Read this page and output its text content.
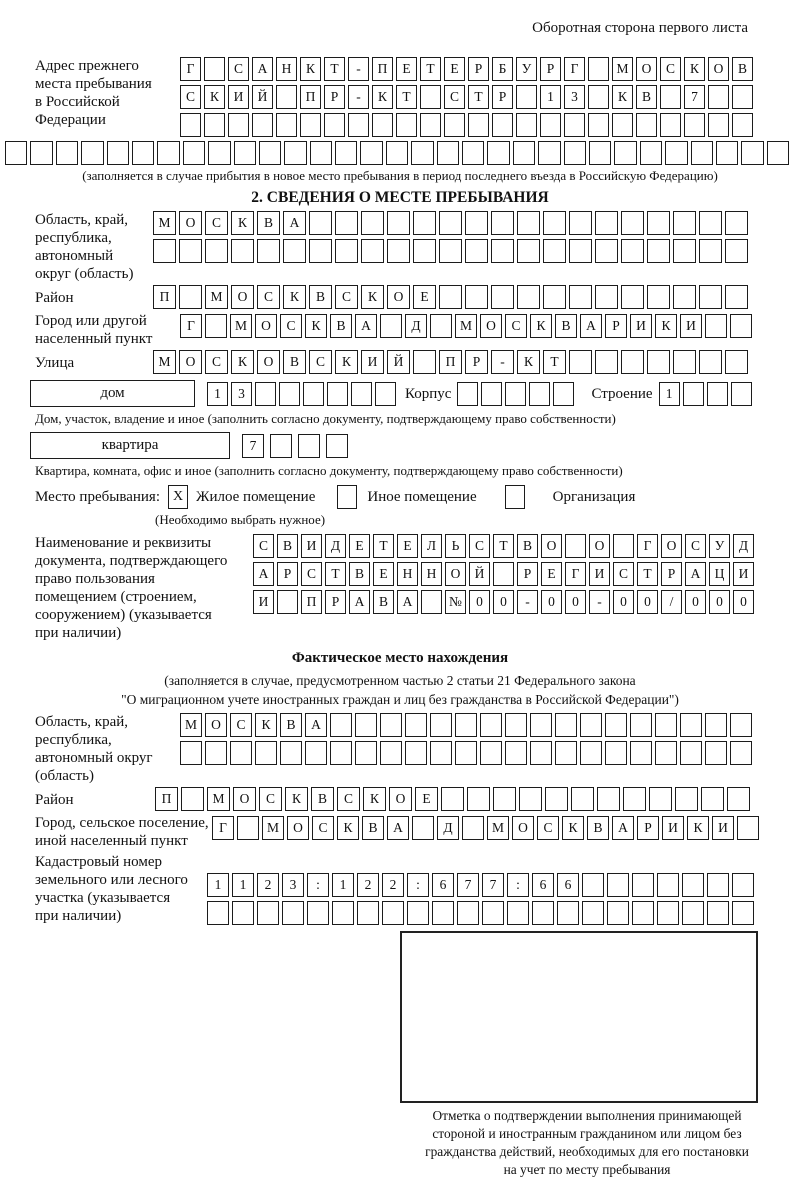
Оборотная сторона первого листа
Адрес прежнего
места пребывания
в Российской
Федерации
Г	С	А	Н	К	Т	-	П	Е	Т	Е	Р	Б	У	Р	Г	М О	С	К	О	В
С	К	И	Й	П	Р	-	К	Т	С	Т	Р	1	3	К	В	7
(заполняется в случае прибытия в новое место пребывания в период последнего въезда в Российскую Федерацию)
2. СВЕДЕНИЯ О МЕСТЕ ПРЕБЫВАНИЯ
Область, край,
республика,
автономный
округ (область)
М	О	С	К	В	А
Район	П	М	О	С	К	В	С	К	О	Е
Город или другой
населенный пункт
Г	М	О	С	К	В	А	Д	М	О	С	К	В	А	Р	И	К	И
Улица	М	О	С	К	О	В	С	К	И	Й	П	Р	-	К	Т
дом	1	3	Корпус	Строение 1
Дом, участок, владение и иное (заполнить согласно документу, подтверждающему право собственности)
квартира	7
Квартира, комната, офис и иное (заполнить согласно документу, подтверждающему право собственности)
Место пребывания: X Жилое помещение	Иное помещение	Организация
(Необходимо выбрать нужное)
Наименование и реквизиты
документа, подтверждающего
право пользования
помещением (строением,
сооружением) (указывается
при наличии)
С	В	И	Д	Е	Т	Е	Л	Ь	С	Т	В	О	О	Г	О	С	У	Д
А	Р	С	Т	В	Е	Н	Н	О	Й	Р	Е	Г	И	С	Т	Р	А	Ц	И
И	П	Р	А	В	А	№	0	0	-	0	0	-	0	0	/	0	0	0
Фактическое место нахождения
(заполняется в случае, предусмотренном частью 2 статьи 21 Федерального закона
"О миграционном учете иностранных граждан и лиц без гражданства в Российской Федерации")
Область, край,
республика,
автономный округ
(область)
М	О	С	К	В	А
Район	П	М	О	С	К	В	С	К	О	Е
Город, сельское поселение,
иной населенный пункт
Г	М	О	С	К	В	А	Д	М	О	С	К	В	А	Р	И	К	И
Кадастровый номер
земельного или лесного
участка (указывается
при наличии)
1	1	2	3	:	1	2	2	:	6	7	7	:	6	6
Отметка о подтверждении выполнения принимающей
стороной и иностранным гражданином или лицом без
гражданства действий, необходимых для его постановки
на учет по месту пребывания
